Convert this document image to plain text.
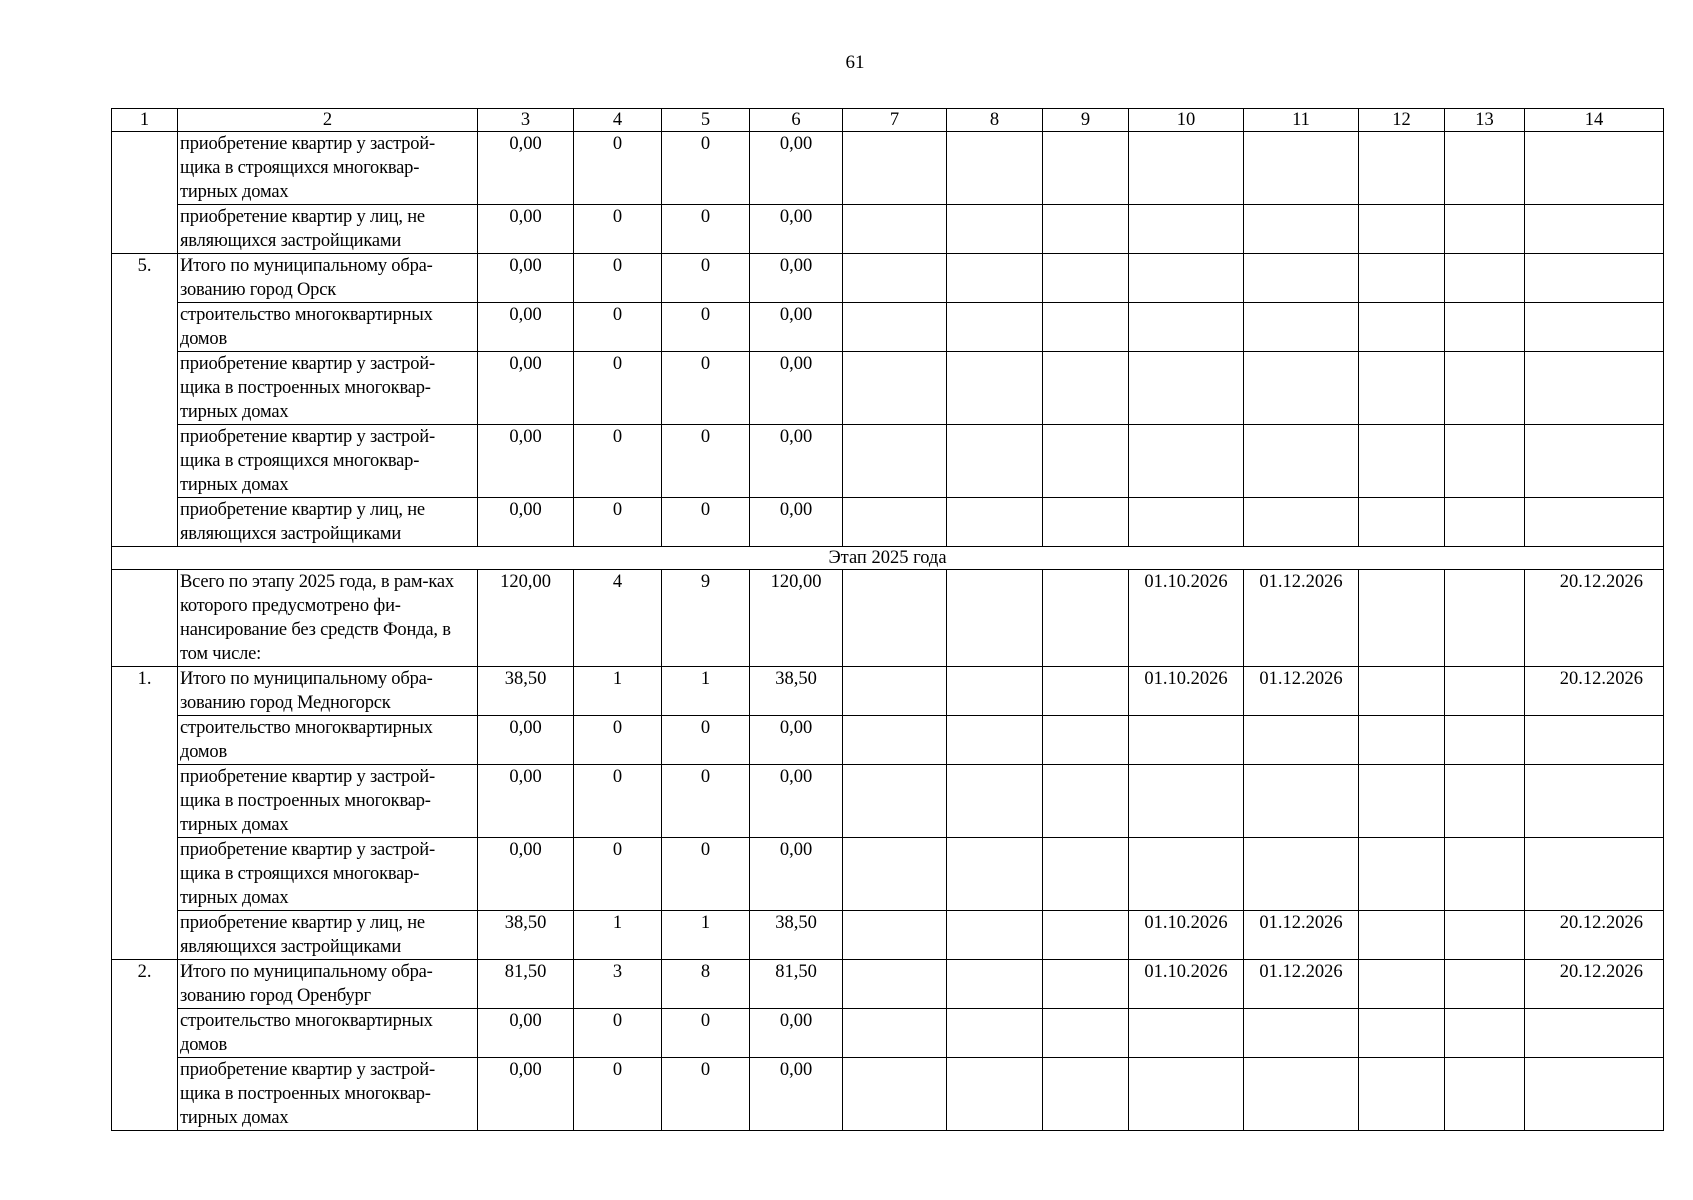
61
1	2	3	4	5	6	7	8	9	10	11	12	13	14
	приобретение квартир у застрой-щика в строящихся многоквар-тирных домах	0,00	0	0	0,00								
	приобретение квартир у лиц, не являющихся застройщиками	0,00	0	0	0,00								
5.	Итого по муниципальному обра-зованию город Орск	0,00	0	0	0,00								
	строительство многоквартирных домов	0,00	0	0	0,00								
	приобретение квартир у застрой-щика в построенных многоквар-тирных домах	0,00	0	0	0,00								
	приобретение квартир у застрой-щика в строящихся многоквар-тирных домах	0,00	0	0	0,00								
	приобретение квартир у лиц, не являющихся застройщиками	0,00	0	0	0,00								
Этап 2025 года													
	Всего по этапу 2025 года, в рам-ках которого предусмотрено фи-нансирование без средств Фонда, в том числе:	120,00	4	9	120,00				01.10.2026	01.12.2026			20.12.2026
1.	Итого по муниципальному обра-зованию город Медногорск	38,50	1	1	38,50				01.10.2026	01.12.2026			20.12.2026
	строительство многоквартирных домов	0,00	0	0	0,00								
	приобретение квартир у застрой-щика в построенных многоквар-тирных домах	0,00	0	0	0,00								
	приобретение квартир у застрой-щика в строящихся многоквар-тирных домах	0,00	0	0	0,00								
	приобретение квартир у лиц, не являющихся застройщиками	38,50	1	1	38,50				01.10.2026	01.12.2026			20.12.2026
2.	Итого по муниципальному обра-зованию город Оренбург	81,50	3	8	81,50				01.10.2026	01.12.2026			20.12.2026
	строительство многоквартирных домов	0,00	0	0	0,00								
	приобретение квартир у застрой-щика в построенных многоквар-тирных домах	0,00	0	0	0,00								
